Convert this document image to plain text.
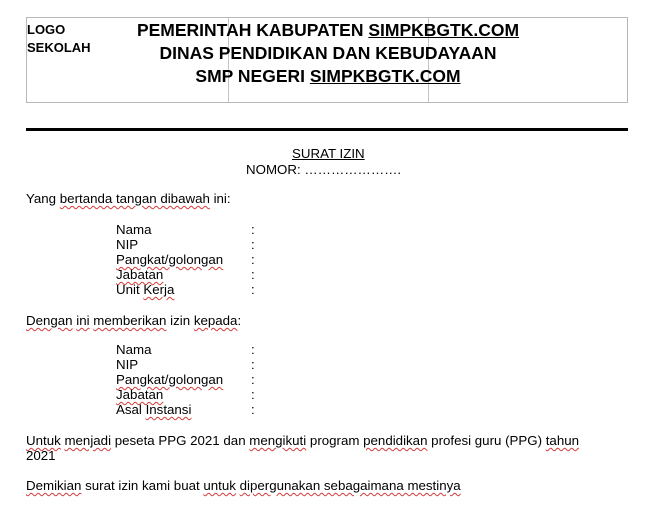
LOGO
SEKOLAH
PEMERINTAH KABUPATEN SIMPKBGTK.COM
DINAS PENDIDIKAN DAN KEBUDAYAAN
SMP NEGERI SIMPKBGTK.COM
SURAT IZIN
NOMOR: ………………….
Yang bertanda tangan dibawah ini:
Nama
NIP
Pangkat/golongan
Jabatan
Unit Kerja
:
:
:
:
:
Dengan ini memberikan izin kepada:
Nama
NIP
Pangkat/golongan
Jabatan
Asal Instansi
:
:
:
:
:
Untuk menjadi peseta PPG 2021 dan mengikuti program pendidikan profesi guru (PPG) tahun
2021
Demikian surat izin kami buat untuk dipergunakan sebagaimana mestinya
